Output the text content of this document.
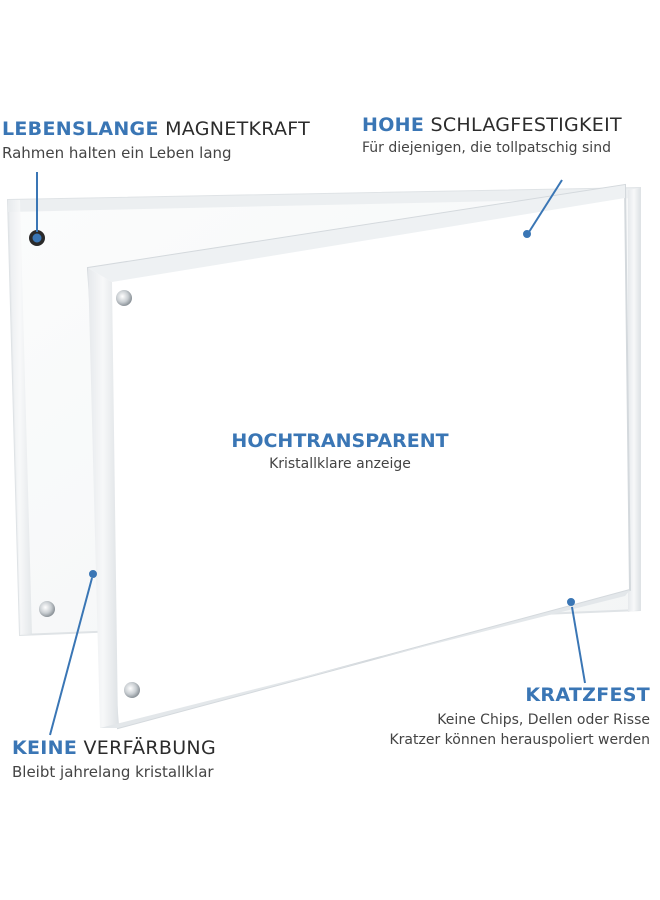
LEBENSLANGE MAGNETKRAFT
Rahmen halten ein Leben lang
HOHE SCHLAGFESTIGKEIT
Für diejenigen, die tollpatschig sind
HOCHTRANSPARENT
Kristallklare anzeige
KEINE VERFÄRBUNG
Bleibt jahrelang kristallklar
KRATZFEST
Keine Chips, Dellen oder Risse
Kratzer können herauspoliert werden
